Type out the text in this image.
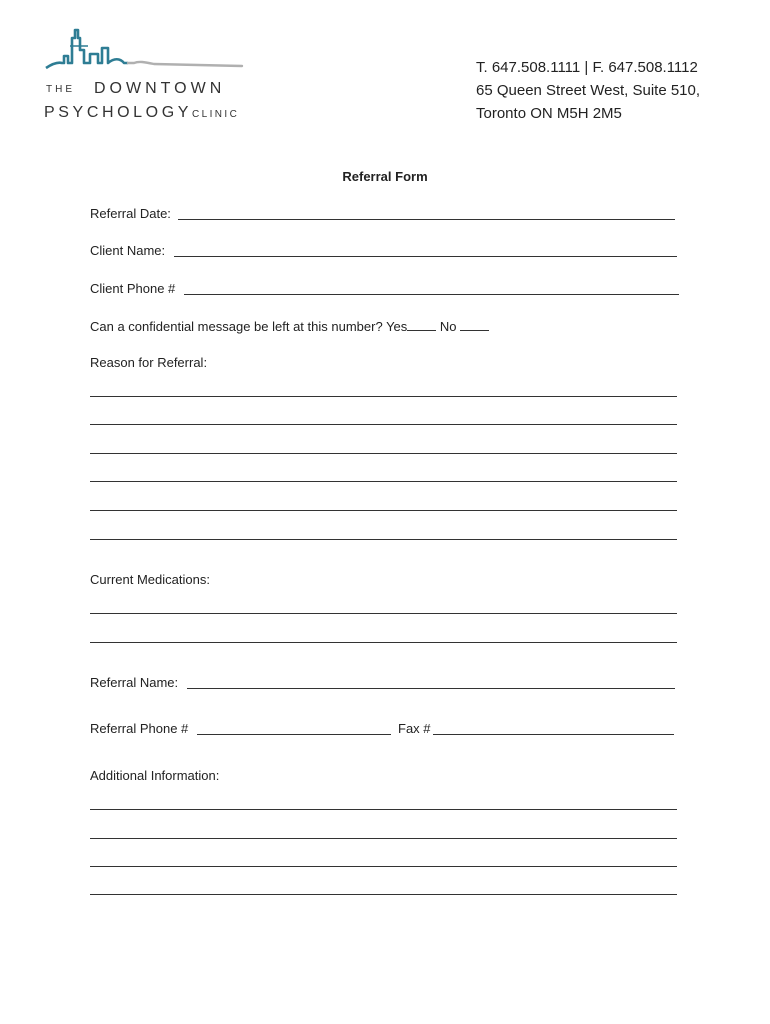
THE DOWNTOWN
PSYCHOLOGYCLINIC
T. 647.508.1111 | F. 647.508.1112
65 Queen Street West, Suite 510,
Toronto ON M5H 2M5
Referral Form
Referral Date:
Client Name:
Client Phone #
Can a confidential message be left at this number? Yes	No
Reason for Referral:
Current Medications:
Referral Name:
Referral Phone #	Fax #
Additional Information:
